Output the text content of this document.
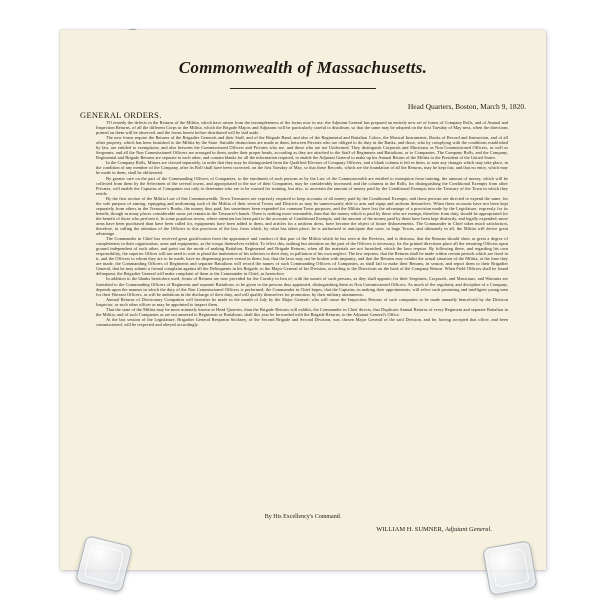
Commonwealth of Massachusetts.
GENERAL ORDERS.
Head Quarters, Boston, March 9, 1820.

TO remedy the defects in the Returns of the Militia, which have arisen from the incompleteness of the forms now in use, the Adjutant General has prepared an entirely new set of forms of Company Rolls, and of Annual and Inspection Returns, of all the different Corps in the Militia, which the Brigade Majors and Adjutants will be particularly careful to distribute, so that the same may be adopted on the first Tuesday of May next, when the directions printed on them will be observed, and the forms hereto before distributed will be laid aside.

The new forms require the Returns of the Brigadier Generals and their Staff, and of the Brigade Band, and also of the Regimental and Battalion Colors, the Musical Instruments, Books of Record and Instruction, and of all other property, which has been furnished to the Militia by the State. Suitable distinctions are made in them, between Privates who are obliged to do duty in the Ranks, and those, who by complying with the conditions established by law, are entitled to exemptions; and also between the Commissioned Officers and Privates who are, and those who are not Uniformed. They distinguish Corporals and Musicians as Non Commissioned Officers, as well as Sergeants; and all the Non Commissioned Officers are arranged in them, under their proper heads, according as they are attached to the Staff of Regiments and Battalions, or to Companies. The Company Rolls, and the Company, Regimental and Brigade Returns are separate to each other, and contain blanks for all the information required, to enable the Adjutant General to make up his Annual Return of the Militia to the President of the United States.

In the Company Rolls, Minors are classed separately, in order that they may be distinguished from the Qualified Electors of Company Officers; and a blank column is left in them, to note any changes which may take place, in the condition of any member of the Company, after its Roll shall have been corrected, on the first Tuesday of May, so that these Records, which are the foundation of all the Returns, may be kept fair, and that no entry, which may be made in them, shall be obliterated.

By greater care on the part of the Commanding Officers of Companies, to the enrolment of such persons as by the Law of the Commonwealth are entitled to exemption from training, the amount of money, which will be collected from them by the Selectmen of the several towns, and appropriated to the use of their Companies, may be considerably increased; and the columns in the Rolls, for distinguishing the Conditional Exempts from other Privates, will enable the Captains of Companies not only to determine who are to be warned for training, but also, to ascertain the amount of money paid by the Conditional Exempts into the Treasury of the Town in which they reside.

By the first section of the Militia Law of this Commonwealth, Town Treasurers are expressly required to keep accounts of all money paid by the Conditional Exempts, and those persons are directed to expend the same, for the sole purpose of arming, equipping and uniforming such of the Militia of their several Towns and Districts as may be unnecessarily able to arm and equip and uniform themselves. When these accounts have not been kept separately from others in the Treasurer's Books, the money thus paid, has sometimes been expended for common Town purposes, and the Militia have lost the advantage of a provision made by the Legislature, expressly for its benefit; though in many places considerable sums yet remain in the Treasurer's hands. There is nothing more reasonable, than that the money which is paid by those who are exempt, therefore from duty, should be appropriated for the benefit of those who perform it. In some populous towns, where attention has been paid to the accounts of Conditional Exempts, and the amount of the money paid by them have been kept distinctly, and legally expended; more arms have been purchased than have been called for, equipments have been added to them, and articles for a uniform dress, have become the object of future disbursements. The Commander in Chief takes much satisfaction, therefore, in calling the attention of the Officers to this provision of the law, from which, by what has taken place, he is authorized to anticipate that soon, in large Towns, and ultimately in all, the Militia will derive great advantage.

The Commander in Chief has received great gratification from the appearance and conduct of that part of the Militia which he has seen at the Reviews, and is desirous, that the Returns should show as great a degree of completeness in their organization, arms and equipments, as the troops themselves exhibit. To effect this, nothing but attention on the part of the Officers is necessary, for the printed directions place all the returning Officers upon ground independent of each other, and point out the mode of making Battalion, Regimental and Brigade Returns, when all the materials are not furnished, which the laws require. By following these, and regarding his own responsibility, the superior Officer will not need to wait to plead the inattention of his inferiors to their duty, in palliation of his own neglect. The law requires, that the Returns shall be made within certain periods which are fixed in it, and the Officers to whom they are to be made, have no dispensing power vested in them; but, that the laws may not be broken with impunity, and that the Returns may exhibit the actual situation of the Militia, at the time they are made, the Commanding Officers of Regiments and separate Battalions will record the names of such Commanding Officers of Companies, as shall fail to make their Returns, in season, and report them to their Brigadier General, that he may submit a formal complaint against all the Delinquents in his Brigade, to the Major General of his Division, according to the Directions on the back of the Company Return. When Field Officers shall be found delinquent, the Brigadier General will make complaint of them to the Commander in Chief, as heretofore.

In addition to the blanks heretofore used, forms of Returns are now provided for the Cavalry in lieu of, with the names of such persons, as they shall appoint, for their Sergeants, Corporals, and Musicians; and Warrants are furnished to the Commanding Officers of Regiments and separate Battalions, to be given to the persons thus appointed, distinguishing them as Non Commissioned Officers. As much of the regularity and discipline of a Company, depends upon the manner in which the duty of the Non Commissioned Officers is performed, the Commander in Chief hopes, that the Captains, in making their appointments, will select such promising and intelligent young men for their Warrant Officers, as will be ambitious in the discharge of their duty, and will qualify themselves for promotion, by their military attainments.

Annual Returns of Divisionary Companies will hereafter be made in the month of July by the Major General; who will cause the Inspection Returns of such companies to be made annually henceforth by the Division Inspector, or such other officer as may be appointed to inspect them.

That the state of the Militia may be more minutely known at Head Quarters, than the Brigade Returns will exhibit, the Commander in Chief directs, that Duplicate Annual Returns of every Regiment and separate Battalion in the Militia, and of such Companies as are not annexed to Regiments or Battalions, shall this year be forwarded with the Brigade Returns, to the Adjutant General's Office.

At the last session of the Legislature, Brigadier General Benjamin Stickney, of the Second Brigade and Second Division, was chosen Major General of the said Division, and he, having accepted that office, and been commissioned, will be respected and obeyed accordingly.

By His Excellency's Command.
WILLIAM H. SUMNER, Adjutant General.
